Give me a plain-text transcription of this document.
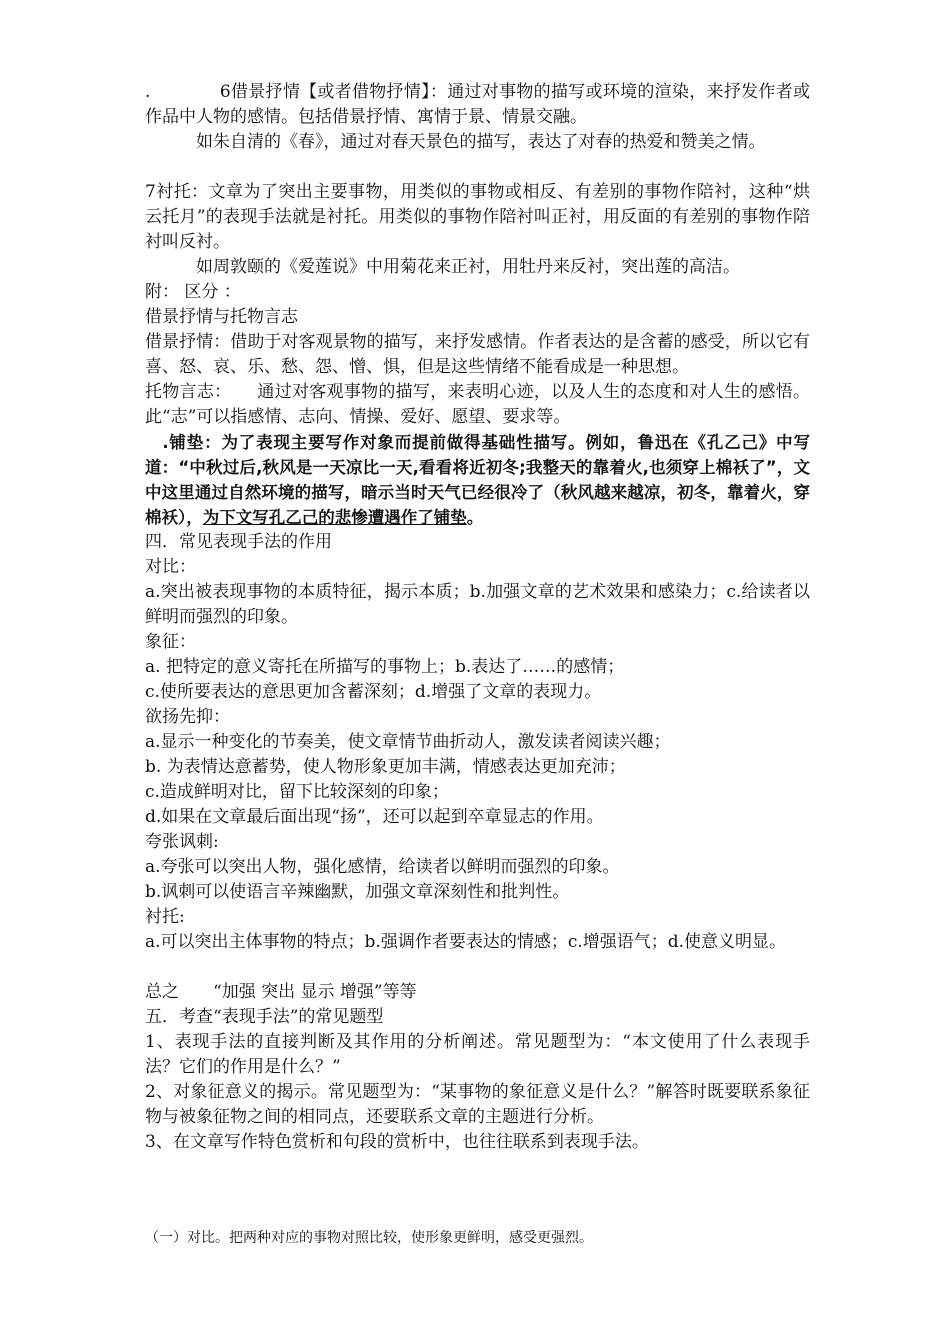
.　　　　6借景抒情【或者借物抒情】：通过对事物的描写或环境的渲染，来抒发作者或作品中人物的感情。包括借景抒情、寓情于景、情景交融。

　　　如朱自清的《春》，通过对春天景色的描写，表达了对春的热爱和赞美之情。

7衬托：文章为了突出主要事物，用类似的事物或相反、有差别的事物作陪衬，这种“烘云托月”的表现手法就是衬托。用类似的事物作陪衬叫正衬，用反面的有差别的事物作陪衬叫反衬。

　　　如周敦颐的《爱莲说》中用菊花来正衬，用牡丹来反衬，突出莲的高洁。

附： 区分 ：

借景抒情与托物言志

借景抒情：借助于对客观景物的描写，来抒发感情。作者表达的是含蓄的感受，所以它有喜、怒、哀、乐、愁、怨、憎、惧，但是这些情绪不能看成是一种思想。

托物言志：　　通过对客观事物的描写，来表明心迹，以及人生的态度和对人生的感悟。此“志”可以指感情、志向、情操、爱好、愿望、要求等。

　.铺垫：为了表现主要写作对象而提前做得基础性描写。例如，鲁迅在《孔乙己》中写道：“中秋过后,秋风是一天凉比一天,看看将近初冬;我整天的靠着火,也须穿上棉袄了”，文中这里通过自然环境的描写，暗示当时天气已经很冷了（秋风越来越凉，初冬，靠着火，穿棉袄），为下文写孔乙己的悲惨遭遇作了铺垫。

四．常见表现手法的作用

对比：

a.突出被表现事物的本质特征，揭示本质；b.加强文章的艺术效果和感染力；c.给读者以鲜明而强烈的印象。

象征：

a. 把特定的意义寄托在所描写的事物上；b.表达了……的感情；

c.使所要表达的意思更加含蓄深刻；d.增强了文章的表现力。

欲扬先抑：

a.显示一种变化的节奏美，使文章情节曲折动人，激发读者阅读兴趣；

b. 为表情达意蓄势，使人物形象更加丰满，情感表达更加充沛；

c.造成鲜明对比，留下比较深刻的印象；

d.如果在文章最后面出现“扬”，还可以起到卒章显志的作用。

夸张讽刺:

a.夸张可以突出人物，强化感情，给读者以鲜明而强烈的印象。

b.讽刺可以使语言辛辣幽默，加强文章深刻性和批判性。

衬托:

a.可以突出主体事物的特点；b.强调作者要表达的情感；c.增强语气；d.使意义明显。

总之　　“加强 突出 显示 增强”等等

五．考查“表现手法”的常见题型

1、表现手法的直接判断及其作用的分析阐述。常见题型为：“本文使用了什么表现手法？它们的作用是什么？”

2、对象征意义的揭示。常见题型为：“某事物的象征意义是什么？”解答时既要联系象征物与被象征物之间的相同点，还要联系文章的主题进行分析。

3、在文章写作特色赏析和句段的赏析中，也往往联系到表现手法。

（一）对比。把两种对应的事物对照比较，使形象更鲜明，感受更强烈。
